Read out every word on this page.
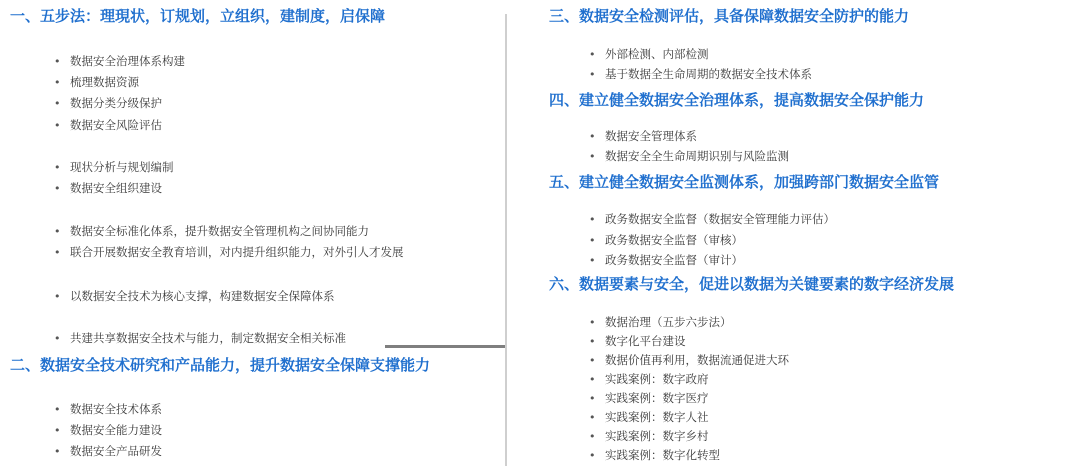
一、五步法：理現状，订规划，立组织，建制度，启保障
• 数据安全治理体系构建
• 梳理数据资源
• 数据分类分级保护
• 数据安全风险评估
• 现状分析与规划编制
• 数据安全组织建设
• 数据安全标准化体系，提升数据安全管理机构之间协同能力
• 联合开展数据安全教育培训，对内提升组织能力，对外引人才发展
• 以数据安全技术为核心支撑，构建数据安全保障体系
• 共建共享数据安全技术与能力，制定数据安全相关标准
二、数据安全技术研究和产品能力，提升数据安全保障支撑能力
• 数据安全技术体系
• 数据安全能力建设
• 数据安全产品研发
三、数据安全检测评估，具备保障数据安全防护的能力
• 外部检测、内部检测
• 基于数据全生命周期的数据安全技术体系
四、建立健全数据安全治理体系，提高数据安全保护能力
• 数据安全管理体系
• 数据安全全生命周期识别与风险监测
五、建立健全数据安全监测体系，加强跨部门数据安全监管
• 政务数据安全监督（数据安全管理能力评估）
• 政务数据安全监督（审核）
• 政务数据安全监督（审计）
六、数据要素与安全，促进以数据为关键要素的数字经济发展
• 数据治理（五步六步法）
• 数字化平台建设
• 数据价值再利用，数据流通促进大环
• 实践案例：数字政府
• 实践案例：数字医疗
• 实践案例：数字人社
• 实践案例：数字乡村
• 实践案例：数字化转型
